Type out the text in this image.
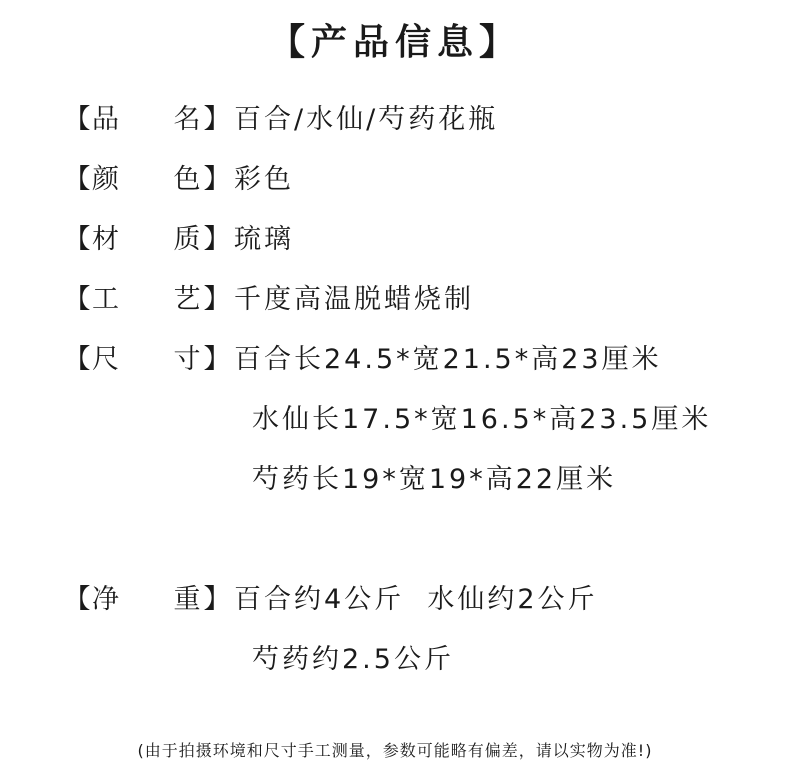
【产品信息】
【 品	名 】 百合/水仙/芍药花瓶
【 颜	色 】 彩色
【 材	质 】 琉璃
【 工	艺 】 千度高温脱蜡烧制
【 尺	寸 】 百合长24.5*宽21.5*高23厘米
水仙长17.5*宽16.5*高23.5厘米
芍药长19*宽19*高22厘米
【 净	重 】 百合约4公斤  水仙约2公斤
芍药约2.5公斤
(由于拍摄环境和尺寸手工测量，参数可能略有偏差，请以实物为准!)
